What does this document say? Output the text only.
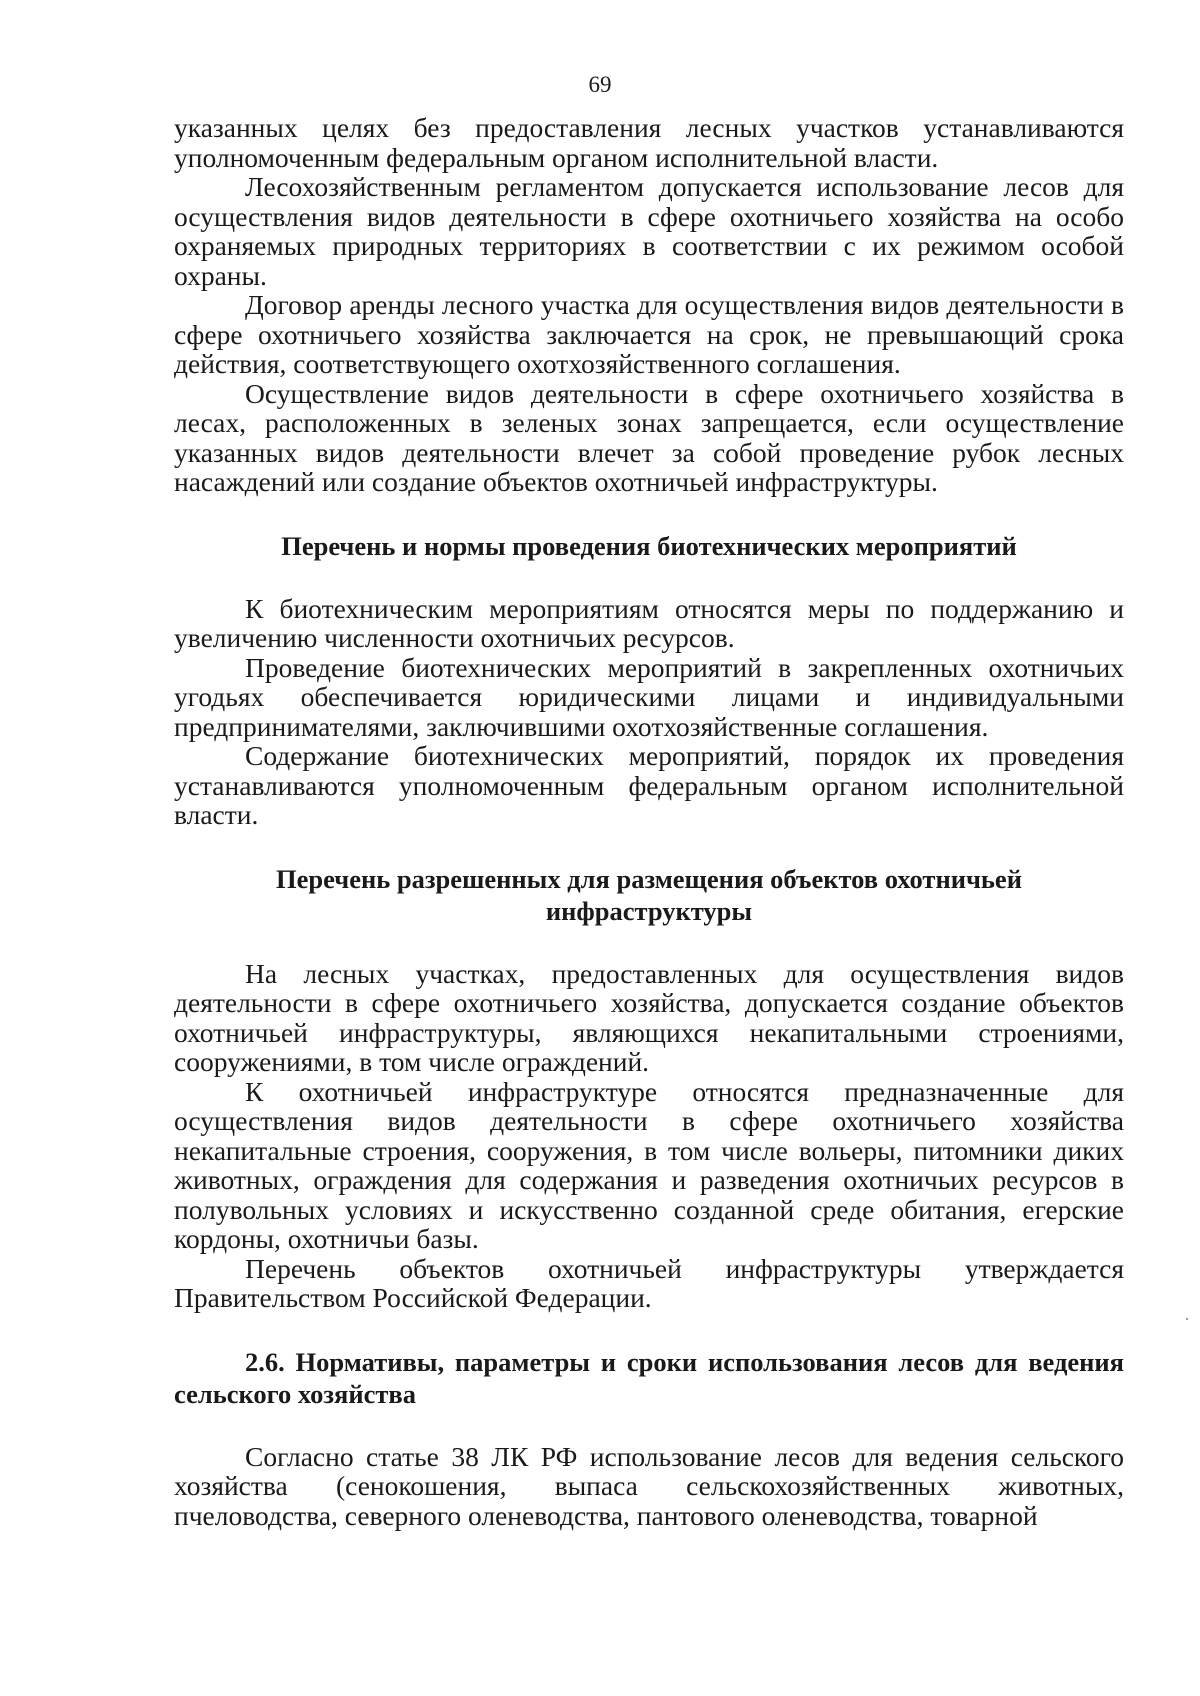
69

указанных целях без предоставления лесных участков устанавливаются уполномоченным федеральным органом исполнительной власти.

Лесохозяйственным регламентом допускается использование лесов для осуществления видов деятельности в сфере охотничьего хозяйства на особо охраняемых природных территориях в соответствии с их режимом особой охраны.

Договор аренды лесного участка для осуществления видов деятельности в сфере охотничьего хозяйства заключается на срок, не превышающий срока действия, соответствующего охотхозяйственного соглашения.

Осуществление видов деятельности в сфере охотничьего хозяйства в лесах, расположенных в зеленых зонах запрещается, если осуществление указанных видов деятельности влечет за собой проведение рубок лесных насаждений или создание объектов охотничьей инфраструктуры.

Перечень и нормы проведения биотехнических мероприятий

К биотехническим мероприятиям относятся меры по поддержанию и увеличению численности охотничьих ресурсов.

Проведение биотехнических мероприятий в закрепленных охотничьих угодьях обеспечивается юридическими лицами и индивидуальными предпринимателями, заключившими охотхозяйственные соглашения.

Содержание биотехнических мероприятий, порядок их проведения устанавливаются уполномоченным федеральным органом исполнительной власти.

Перечень разрешенных для размещения объектов охотничьей инфраструктуры

На лесных участках, предоставленных для осуществления видов деятельности в сфере охотничьего хозяйства, допускается создание объектов охотничьей инфраструктуры, являющихся некапитальными строениями, сооружениями, в том числе ограждений.

К охотничьей инфраструктуре относятся предназначенные для осуществления видов деятельности в сфере охотничьего хозяйства некапитальные строения, сооружения, в том числе вольеры, питомники диких животных, ограждения для содержания и разведения охотничьих ресурсов в полувольных условиях и искусственно созданной среде обитания, егерские кордоны, охотничьи базы.

Перечень объектов охотничьей инфраструктуры утверждается Правительством Российской Федерации.

2.6. Нормативы, параметры и сроки использования лесов для ведения сельского хозяйства

Согласно статье 38 ЛК РФ использование лесов для ведения сельского хозяйства (сенокошения, выпаса сельскохозяйственных животных, пчеловодства, северного оленеводства, пантового оленеводства, товарной
